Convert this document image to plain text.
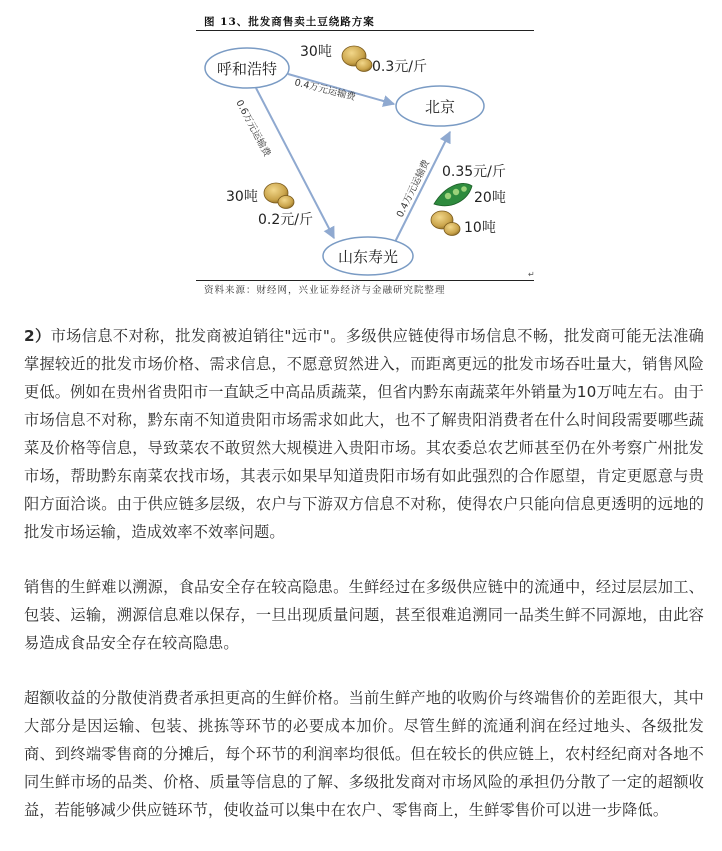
图 13、批发商售卖土豆绕路方案
呼和浩特
北京
山东寿光
0.4万元运输费
0.6万元运输费
0.4万元运输费
30吨
0.3元/斤
30吨
0.2元/斤
0.35元/斤
20吨
10吨
↵
资料来源：财经网，兴业证券经济与金融研究院整理

2）市场信息不对称，批发商被迫销往"远市"。多级供应链使得市场信息不畅，批发商可能无法准确掌握较近的批发市场价格、需求信息，不愿意贸然进入，而距离更远的批发市场吞吐量大，销售风险更低。例如在贵州省贵阳市一直缺乏中高品质蔬菜，但省内黔东南蔬菜年外销量为10万吨左右。由于市场信息不对称，黔东南不知道贵阳市场需求如此大，也不了解贵阳消费者在什么时间段需要哪些蔬菜及价格等信息，导致菜农不敢贸然大规模进入贵阳市场。其农委总农艺师甚至仍在外考察广州批发市场，帮助黔东南菜农找市场，其表示如果早知道贵阳市场有如此强烈的合作愿望，肯定更愿意与贵阳方面洽谈。由于供应链多层级，农户与下游双方信息不对称，使得农户只能向信息更透明的远地的批发市场运输，造成效率不效率问题。

销售的生鲜难以溯源，食品安全存在较高隐患。生鲜经过在多级供应链中的流通中，经过层层加工、包装、运输，溯源信息难以保存，一旦出现质量问题，甚至很难追溯同一品类生鲜不同源地，由此容易造成食品安全存在较高隐患。

超额收益的分散使消费者承担更高的生鲜价格。当前生鲜产地的收购价与终端售价的差距很大，其中大部分是因运输、包装、挑拣等环节的必要成本加价。尽管生鲜的流通利润在经过地头、各级批发商、到终端零售商的分摊后，每个环节的利润率均很低。但在较长的供应链上，农村经纪商对各地不同生鲜市场的品类、价格、质量等信息的了解、多级批发商对市场风险的承担仍分散了一定的超额收益，若能够减少供应链环节，使收益可以集中在农户、零售商上，生鲜零售价可以进一步降低。
